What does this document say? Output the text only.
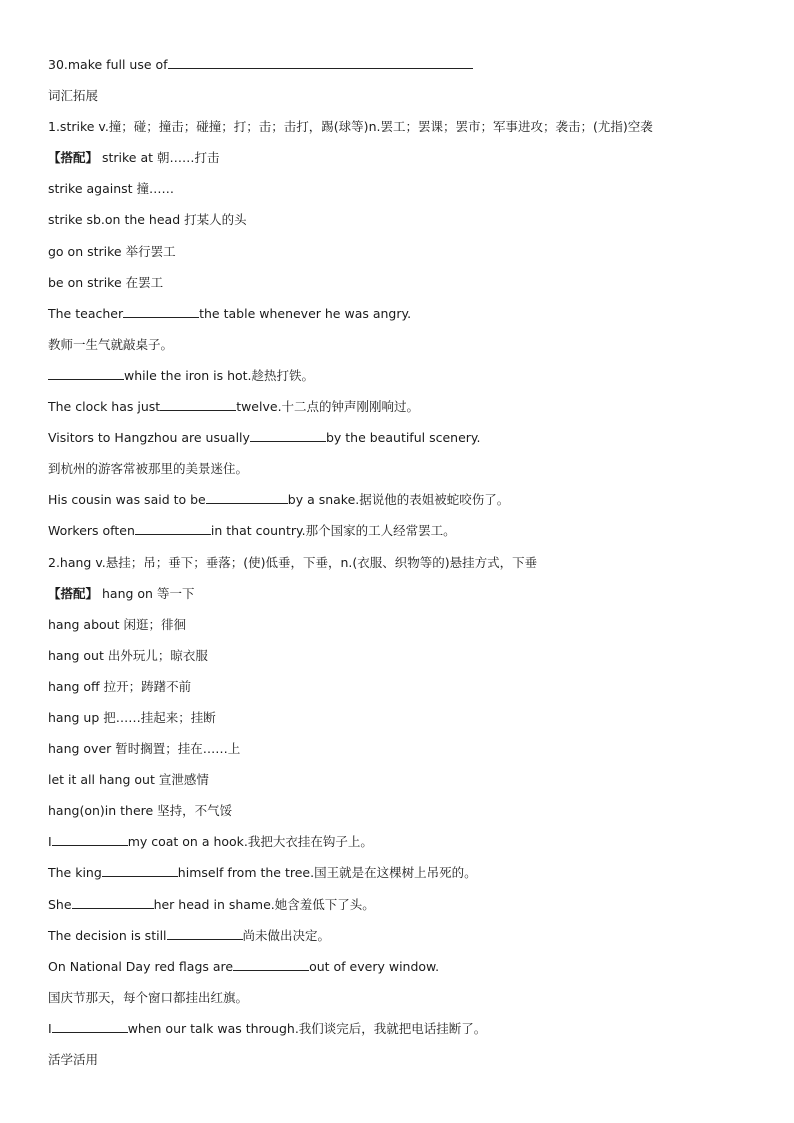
30.make full use of
词汇拓展
1.strike v.撞；碰；撞击；碰撞；打；击；击打，踢(球等)n.罢工；罢课；罢市；军事进攻；袭击；(尤指)空袭
【搭配】 strike at 朝……打击
strike against 撞……
strike sb.on the head 打某人的头
go on strike 举行罢工
be on strike 在罢工
The teacher	the table whenever he was angry.
教师一生气就敲桌子。
while the iron is hot.趁热打铁。
The clock has just	twelve.十二点的钟声刚刚响过。
Visitors to Hangzhou are usually	by the beautiful scenery.
到杭州的游客常被那里的美景迷住。
His cousin was said to be	by a snake.据说他的表姐被蛇咬伤了。
Workers often	in that country.那个国家的工人经常罢工。
2.hang v.悬挂；吊；垂下；垂落；(使)低垂，下垂，n.(衣服、织物等的)悬挂方式，下垂
【搭配】 hang on 等一下
hang about 闲逛；徘徊
hang out 出外玩儿；晾衣服
hang off 拉开；踌躇不前
hang up 把……挂起来；挂断
hang over 暂时搁置；挂在……上
let it all hang out 宣泄感情
hang(on)in there 坚持，不气馁
I	my coat on a hook.我把大衣挂在钩子上。
The king	himself from the tree.国王就是在这棵树上吊死的。
She	her head in shame.她含羞低下了头。
The decision is still	尚未做出决定。
On National Day red flags are	out of every window.
国庆节那天，每个窗口都挂出红旗。
I	when our talk was through.我们谈完后，我就把电话挂断了。
活学活用
